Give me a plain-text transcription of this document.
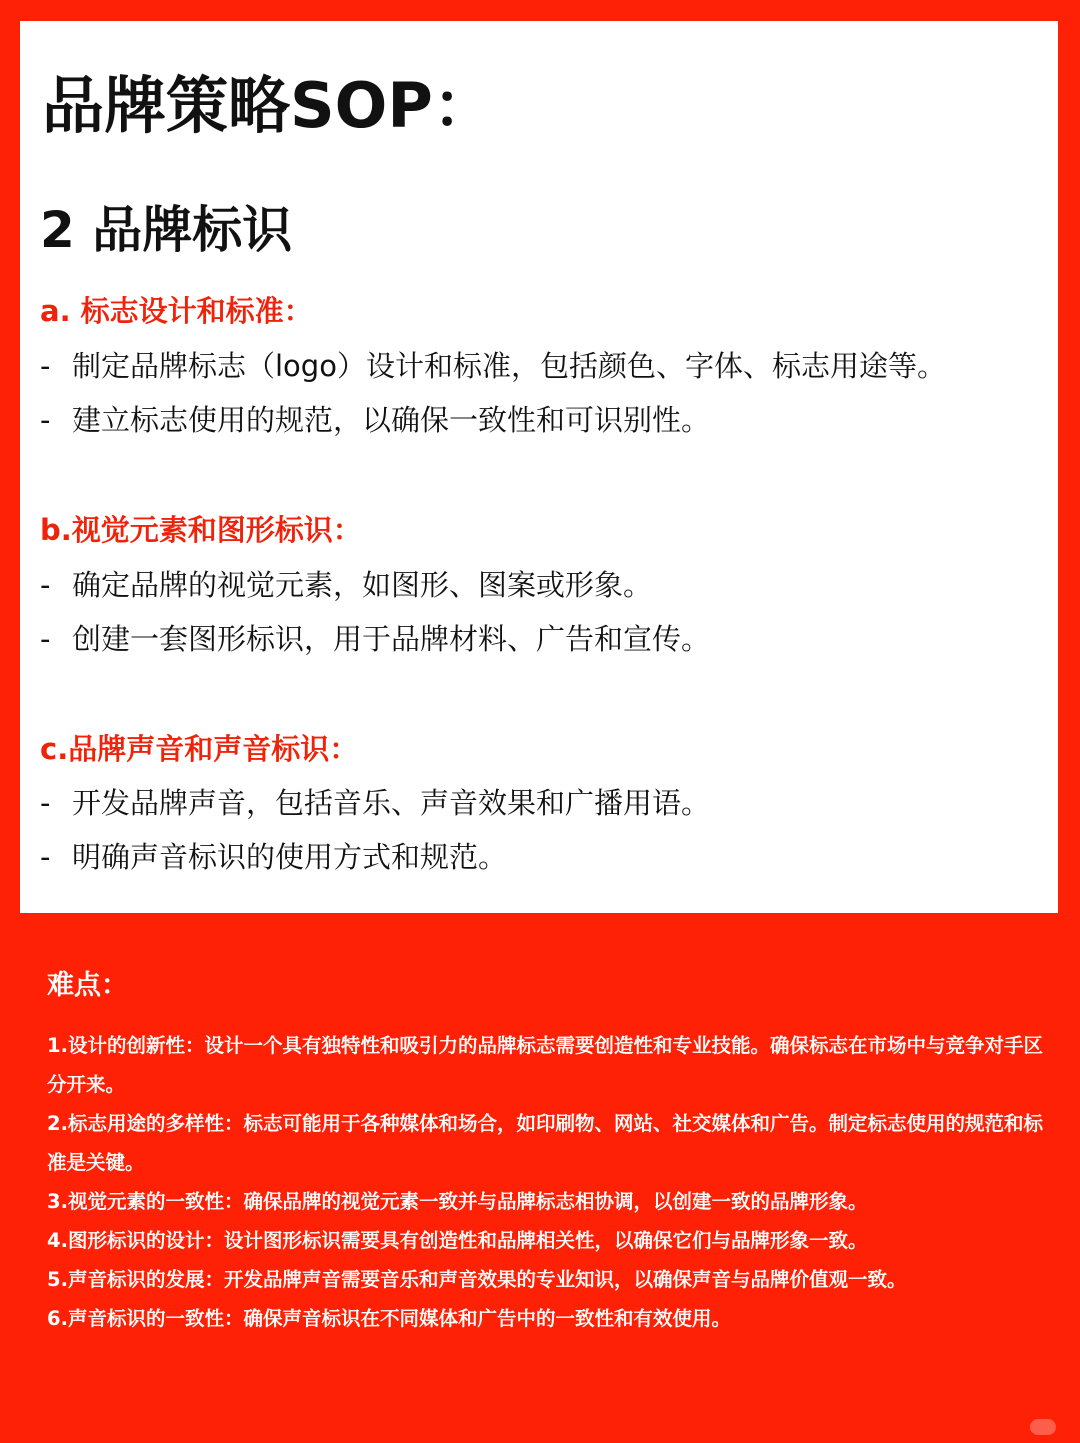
品牌策略SOP：
2 品牌标识
a. 标志设计和标准：

- 制定品牌标志（logo）设计和标准，包括颜色、字体、标志用途等。

- 建立标志使用的规范，以确保一致性和可识别性。

b.视觉元素和图形标识：

- 确定品牌的视觉元素，如图形、图案或形象。

- 创建一套图形标识，用于品牌材料、广告和宣传。

c.品牌声音和声音标识：

- 开发品牌声音，包括音乐、声音效果和广播用语。

- 明确声音标识的使用方式和规范。

难点：

1.设计的创新性：设计一个具有独特性和吸引力的品牌标志需要创造性和专业技能。确保标志在市场中与竞争对手区分开来。

2.标志用途的多样性：标志可能用于各种媒体和场合，如印刷物、网站、社交媒体和广告。制定标志使用的规范和标准是关键。

3.视觉元素的一致性：确保品牌的视觉元素一致并与品牌标志相协调，以创建一致的品牌形象。

4.图形标识的设计：设计图形标识需要具有创造性和品牌相关性，以确保它们与品牌形象一致。

5.声音标识的发展：开发品牌声音需要音乐和声音效果的专业知识，以确保声音与品牌价值观一致。

6.声音标识的一致性：确保声音标识在不同媒体和广告中的一致性和有效使用。
